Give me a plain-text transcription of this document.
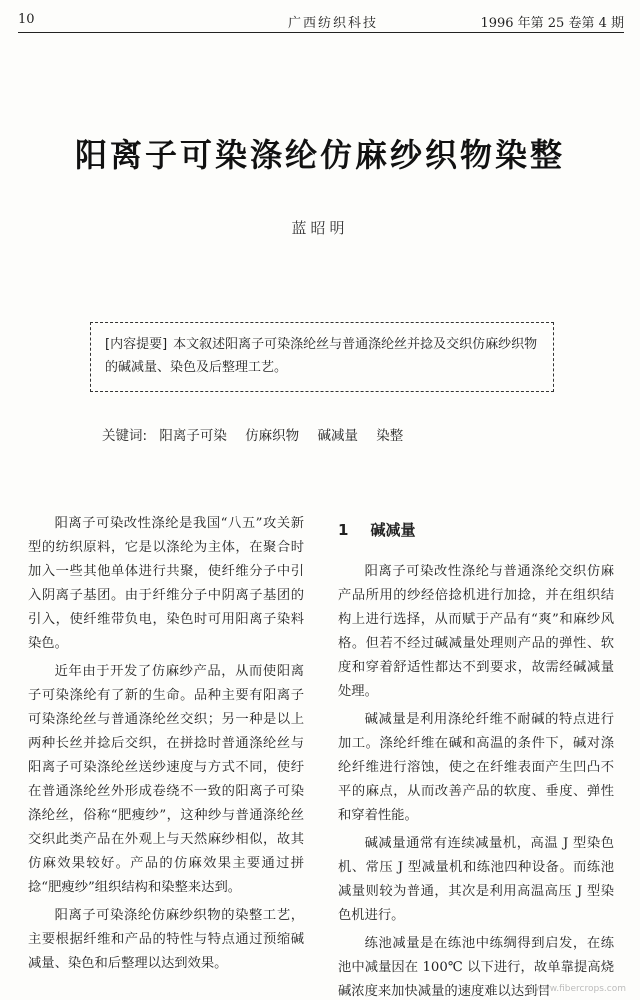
10	广西纺织科技	1996 年第 25 卷第 4 期
阳离子可染涤纶仿麻纱织物染整
蓝昭明
[内容提要] 本文叙述阳离子可染涤纶丝与普通涤纶丝并捻及交织仿麻纱织物的碱减量、染色及后整理工艺。
关键词: 阳离子可染 仿麻织物 碱减量 染整

阳离子可染改性涤纶是我国“八五”攻关新型的纺织原料，它是以涤纶为主体，在聚合时加入一些其他单体进行共聚，使纤维分子中引入阴离子基团。由于纤维分子中阴离子基团的引入，使纤维带负电，染色时可用阳离子染料染色。

近年由于开发了仿麻纱产品，从而使阳离子可染涤纶有了新的生命。品种主要有阳离子可染涤纶丝与普通涤纶丝交织；另一种是以上两种长丝并捻后交织，在拼捻时普通涤纶丝与阳离子可染涤纶丝送纱速度与方式不同，使纡在普通涤纶丝外形成卷绕不一致的阳离子可染涤纶丝，俗称“肥瘦纱”，这种纱与普通涤纶丝交织此类产品在外观上与天然麻纱相似，故其仿麻效果较好。产品的仿麻效果主要通过拼捻“肥瘦纱”组织结构和染整来达到。

阳离子可染涤纶仿麻纱织物的染整工艺，主要根据纤维和产品的特性与特点通过预缩碱减量、染色和后整理以达到效果。

1 碱减量

阳离子可染改性涤纶与普通涤纶交织仿麻产品所用的纱经倍捻机进行加捻，并在组织结构上进行选择，从而赋于产品有“爽”和麻纱风格。但若不经过碱减量处理则产品的弹性、软度和穿着舒适性都达不到要求，故需经碱减量处理。

碱减量是利用涤纶纤维不耐碱的特点进行加工。涤纶纤维在碱和高温的条件下，碱对涤纶纤维进行溶蚀，使之在纤维表面产生凹凸不平的麻点，从而改善产品的软度、垂度、弹性和穿着性能。

碱减量通常有连续减量机，高温 J 型染色机、常压 J 型减量机和练池四种设备。而练池减量则较为普通，其次是利用高温高压 J 型染色机进行。

练池减量是在练池中练绸得到启发，在练池中减量因在 100℃ 以下进行，故单靠提高烧碱浓度来加快减量的速度难以达到目

www.fibercrops.com
